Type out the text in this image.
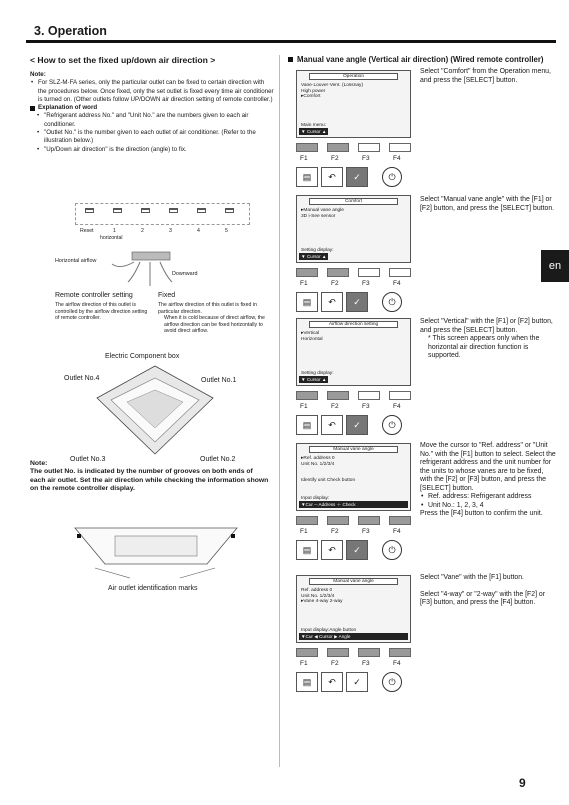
3. Operation
en
9
< How to set the fixed up/down air direction >
Note:
• For SLZ-M·FA series, only the particular outlet can be fixed to certain direction with the procedures below. Once fixed, only the set outlet is fixed every time air conditioner is turned on. (Other outlets follow UP/DOWN air direction setting of remote controller.)
Explanation of word
• "Refrigerant address No." and "Unit No." are the numbers given to each air conditioner.
• "Outlet No." is the number given to each outlet of air conditioner. (Refer to the illustration below.)
• "Up/Down air direction" is the direction (angle) to fix.
Reset	1	2	3	4	5
horizontal
Horizontal airflow
Downward
Remote controller setting
The airflow direction of this outlet is controlled by the airflow direction setting of remote controller.
Fixed
The airflow direction of this outlet is fixed in particular direction.
When it is cold because of direct airflow, the airflow direction can be fixed horizontally to avoid direct airflow.
Electric Component box
Outlet No.4	Outlet No.1
Outlet No.3	Outlet No.2
Note:
The outlet No. is indicated by the number of grooves on both ends of each air outlet. Set the air direction while checking the information shown on the remote controller display.
Air outlet identification marks
Manual vane angle (Vertical air direction) (Wired remote controller)
Operation
Vane·Louver·Vent. (Lossnay)
High power
▸Comfort
Main menu:
▼ Cursor ▲
F1	F2	F3	F4
▤	↶	✓	⏻
Select "Comfort" from the Operation menu, and press the [SELECT] button.
Comfort
▸Manual vane angle
3D i-See sensor
Setting display:
▼ Cursor ▲
F1	F2	F3	F4
▤	↶	✓	⏻
Select "Manual vane angle" with the [F1] or [F2] button, and press the [SELECT] button.
Airflow direction setting
▸Vertical
Horizontal
Setting display:
▼ Cursor ▲
F1	F2	F3	F4
▤	↶	✓	⏻
Select "Vertical" with the [F1] or [F2] button, and press the [SELECT] button.
* This screen appears only when the horizontal air direction function is supported.
Manual vane angle
▸Ref. address 0
Unit No. 1/2/3/4
Identify unit Check button
Input display:
▼Cur ─ Address ＋ Check
F1	F2	F3	F4
▤	↶	✓	⏻
Move the cursor to "Ref. address" or "Unit No." with the [F1] button to select. Select the refrigerant address and the unit number for the units to whose vanes are to be fixed, with the [F2] or [F3] button, and press the [SELECT] button.
• Ref. address: Refrigerant address
• Unit No.: 1, 2, 3, 4
Press the [F4] button to confirm the unit.
Manual vane angle
Ref. address 0
Unit No. 1/2/3/4
▸Vane 4-way 2-way
Input display:Angle button
▼Cur ◀ Cursor ▶ Angle
F1	F2	F3	F4
▤	↶	✓	⏻
Select "Vane" with the [F1] button.
Select "4-way" or "2-way" with the [F2] or [F3] button, and press the [F4] button.
